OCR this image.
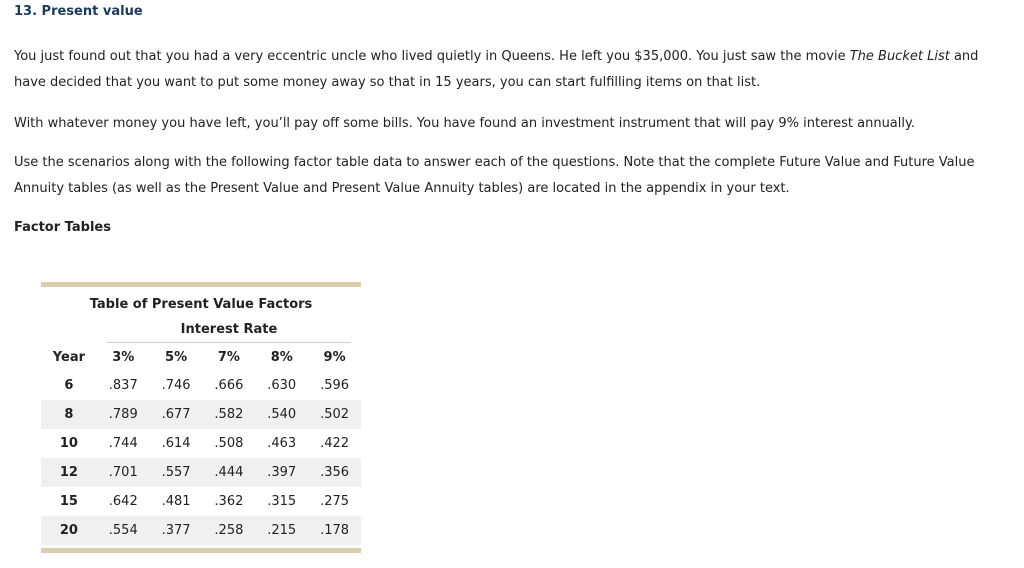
13. Present value

You just found out that you had a very eccentric uncle who lived quietly in Queens. He left you $35,000. You just saw the movie The Bucket List and have decided that you want to put some money away so that in 15 years, you can start fulfilling items on that list.

With whatever money you have left, you’ll pay off some bills. You have found an investment instrument that will pay 9% interest annually.

Use the scenarios along with the following factor table data to answer each of the questions. Note that the complete Future Value and Future Value Annuity tables (as well as the Present Value and Present Value Annuity tables) are located in the appendix in your text.

Factor Tables
Table of Present Value Factors
Interest Rate
Year	3%	5%	7%	8%	9%
6	.837	.746	.666	.630	.596
8	.789	.677	.582	.540	.502
10	.744	.614	.508	.463	.422
12	.701	.557	.444	.397	.356
15	.642	.481	.362	.315	.275
20	.554	.377	.258	.215	.178
